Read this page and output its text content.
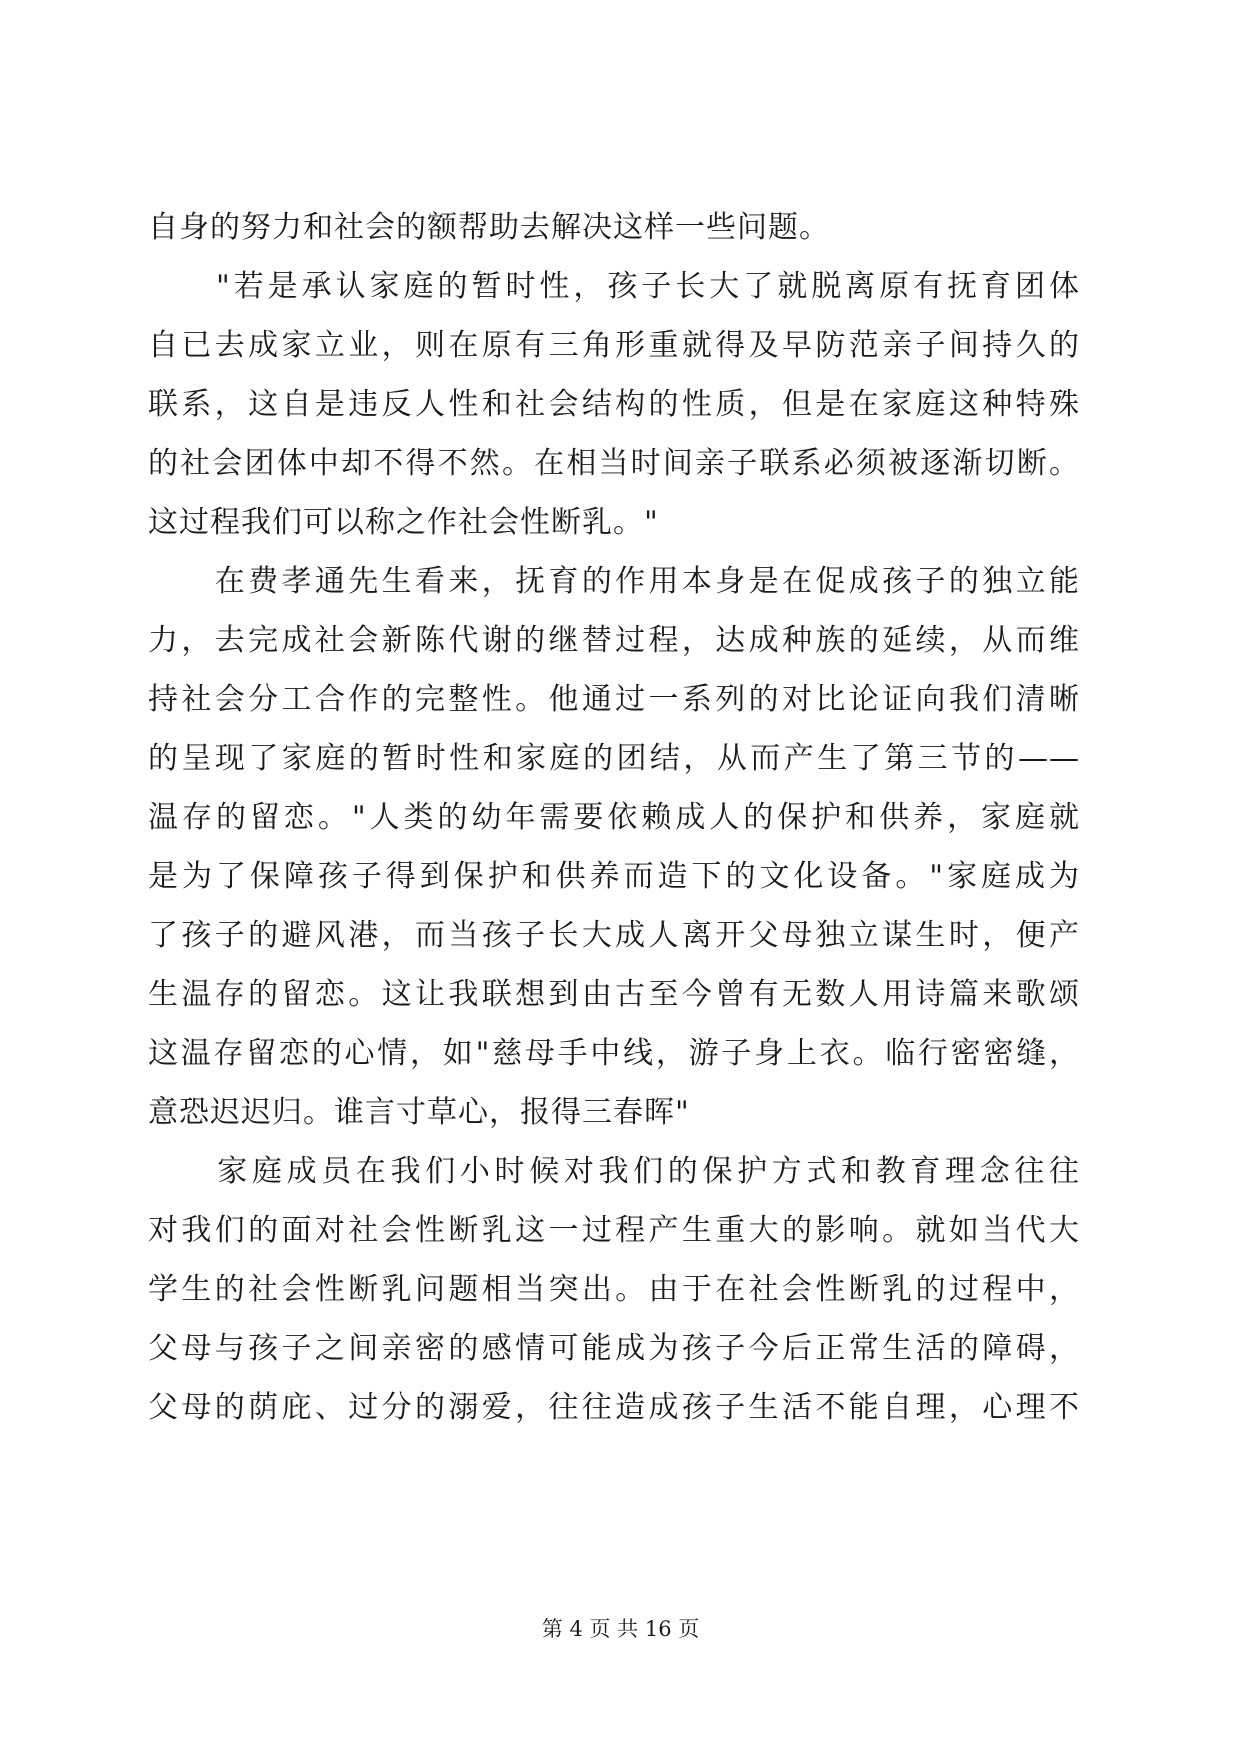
自身的努力和社会的额帮助去解决这样一些问题。
　　"若是承认家庭的暂时性，孩子长大了就脱离原有抚育团体
自已去成家立业，则在原有三角形重就得及早防范亲子间持久的
联系，这自是违反人性和社会结构的性质，但是在家庭这种特殊
的社会团体中却不得不然。在相当时间亲子联系必须被逐渐切断。
这过程我们可以称之作社会性断乳。"
　　在费孝通先生看来，抚育的作用本身是在促成孩子的独立能
力，去完成社会新陈代谢的继替过程，达成种族的延续，从而维
持社会分工合作的完整性。他通过一系列的对比论证向我们清晰
的呈现了家庭的暂时性和家庭的团结，从而产生了第三节的——
温存的留恋。"人类的幼年需要依赖成人的保护和供养，家庭就
是为了保障孩子得到保护和供养而造下的文化设备。"家庭成为
了孩子的避风港，而当孩子长大成人离开父母独立谋生时，便产
生温存的留恋。这让我联想到由古至今曾有无数人用诗篇来歌颂
这温存留恋的心情，如"慈母手中线，游子身上衣。临行密密缝，
意恐迟迟归。谁言寸草心，报得三春晖"
　　家庭成员在我们小时候对我们的保护方式和教育理念往往
对我们的面对社会性断乳这一过程产生重大的影响。就如当代大
学生的社会性断乳问题相当突出。由于在社会性断乳的过程中，
父母与孩子之间亲密的感情可能成为孩子今后正常生活的障碍，
父母的荫庇、过分的溺爱，往往造成孩子生活不能自理，心理不
第 4 页 共 16 页
